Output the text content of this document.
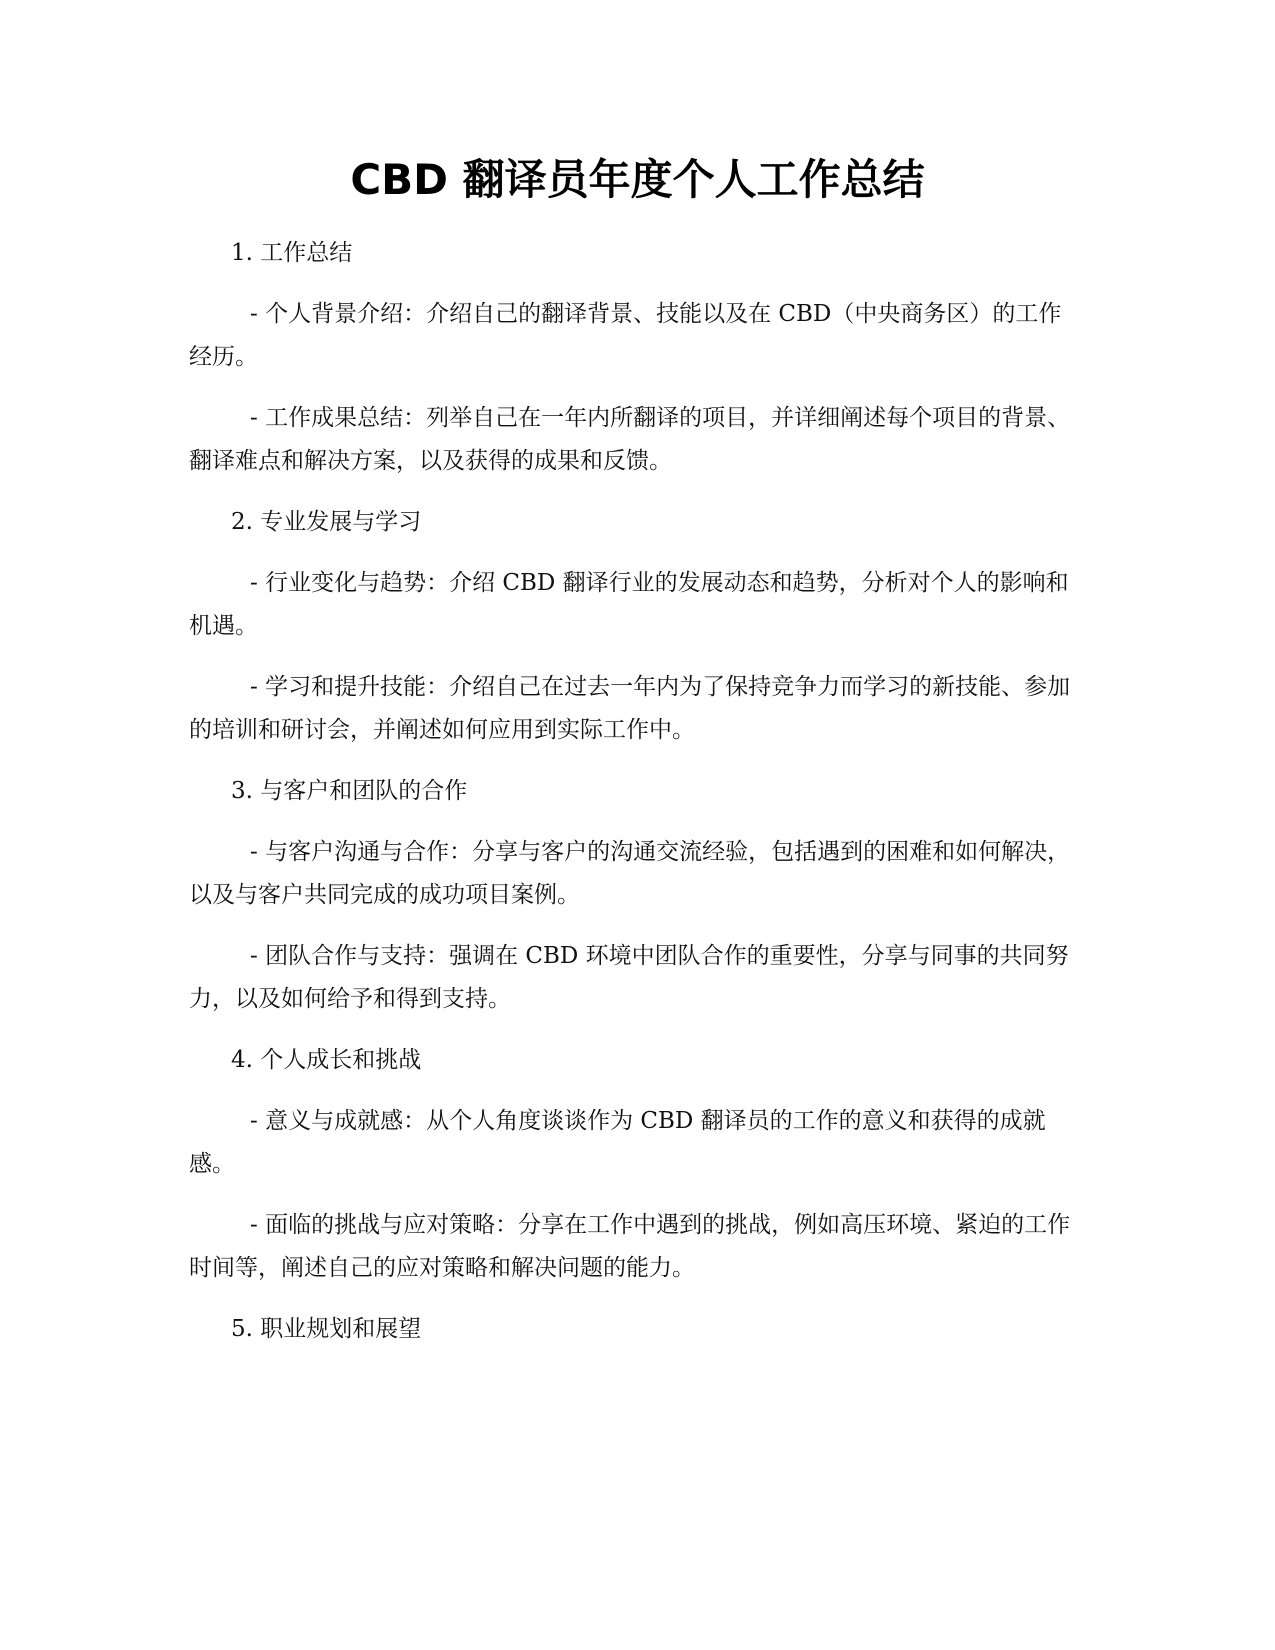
CBD 翻译员年度个人工作总结
1. 工作总结
- 个人背景介绍：介绍自己的翻译背景、技能以及在 CBD（中央商务区）的工作经历。
- 工作成果总结：列举自己在一年内所翻译的项目，并详细阐述每个项目的背景、翻译难点和解决方案，以及获得的成果和反馈。
2. 专业发展与学习
- 行业变化与趋势：介绍 CBD 翻译行业的发展动态和趋势，分析对个人的影响和机遇。
- 学习和提升技能：介绍自己在过去一年内为了保持竞争力而学习的新技能、参加的培训和研讨会，并阐述如何应用到实际工作中。
3. 与客户和团队的合作
- 与客户沟通与合作：分享与客户的沟通交流经验，包括遇到的困难和如何解决，以及与客户共同完成的成功项目案例。
- 团队合作与支持：强调在 CBD 环境中团队合作的重要性，分享与同事的共同努力，以及如何给予和得到支持。
4. 个人成长和挑战
- 意义与成就感：从个人角度谈谈作为 CBD 翻译员的工作的意义和获得的成就感。
- 面临的挑战与应对策略：分享在工作中遇到的挑战，例如高压环境、紧迫的工作时间等，阐述自己的应对策略和解决问题的能力。
5. 职业规划和展望
